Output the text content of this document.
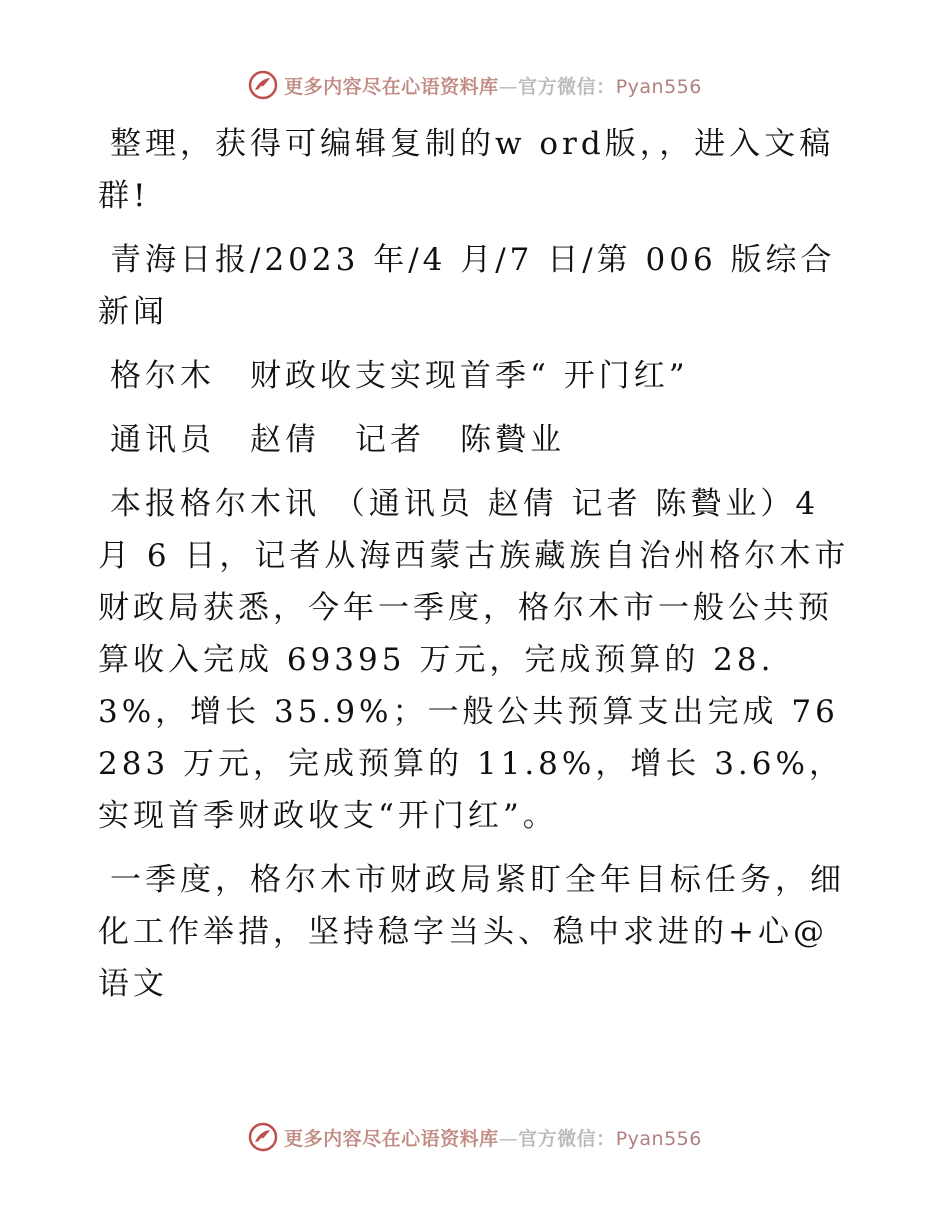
更多内容尽在心语资料库—官方微信：Pyan556

整理，获得可编辑复制的w ord版，，进入文稿群!

青海日报/2023 年/4 月/7 日/第 006 版综合新闻

格尔木　财政收支实现首季“ 开门红”

通讯员　赵倩　记者　陈䞇业

本报格尔木讯 （通讯员 赵倩 记者 陈䞇业）4 月 6 日，记者从海西蒙古族藏族自治州格尔木市财政局获悉，今年一季度，格尔木市一般公共预算收入完成 69395 万元，完成预算的 28.3%，增长 35.9%；一般公共预算支出完成 76283 万元，完成预算的 11.8%，增长 3.6%，实现首季财政收支“开门红”。

一季度，格尔木市财政局紧盯全年目标任务，细化工作举措，坚持稳字当头、稳中求进的+心@语文

更多内容尽在心语资料库—官方微信：Pyan556
